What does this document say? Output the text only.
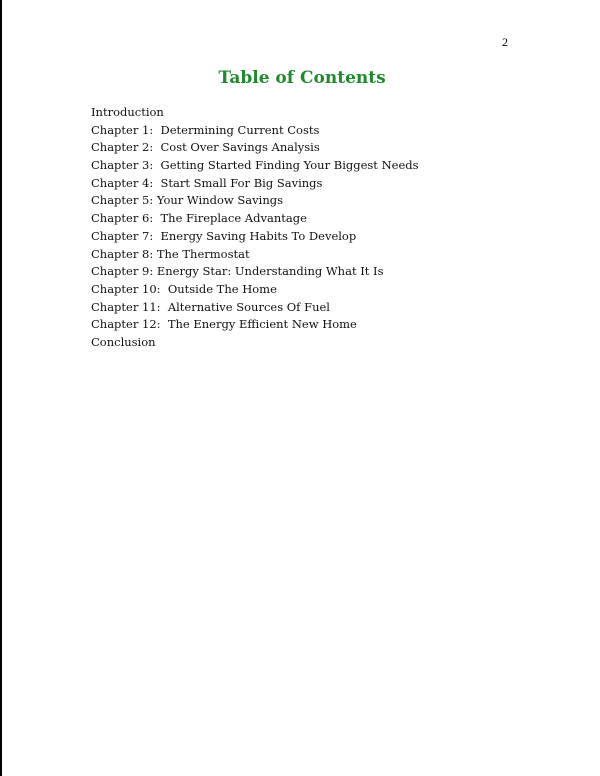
2
Table of Contents
Introduction
Chapter 1:  Determining Current Costs
Chapter 2:  Cost Over Savings Analysis
Chapter 3:  Getting Started Finding Your Biggest Needs
Chapter 4:  Start Small For Big Savings
Chapter 5: Your Window Savings
Chapter 6:  The Fireplace Advantage
Chapter 7:  Energy Saving Habits To Develop
Chapter 8: The Thermostat
Chapter 9: Energy Star: Understanding What It Is
Chapter 10:  Outside The Home
Chapter 11:  Alternative Sources Of Fuel
Chapter 12:  The Energy Efficient New Home
Conclusion
